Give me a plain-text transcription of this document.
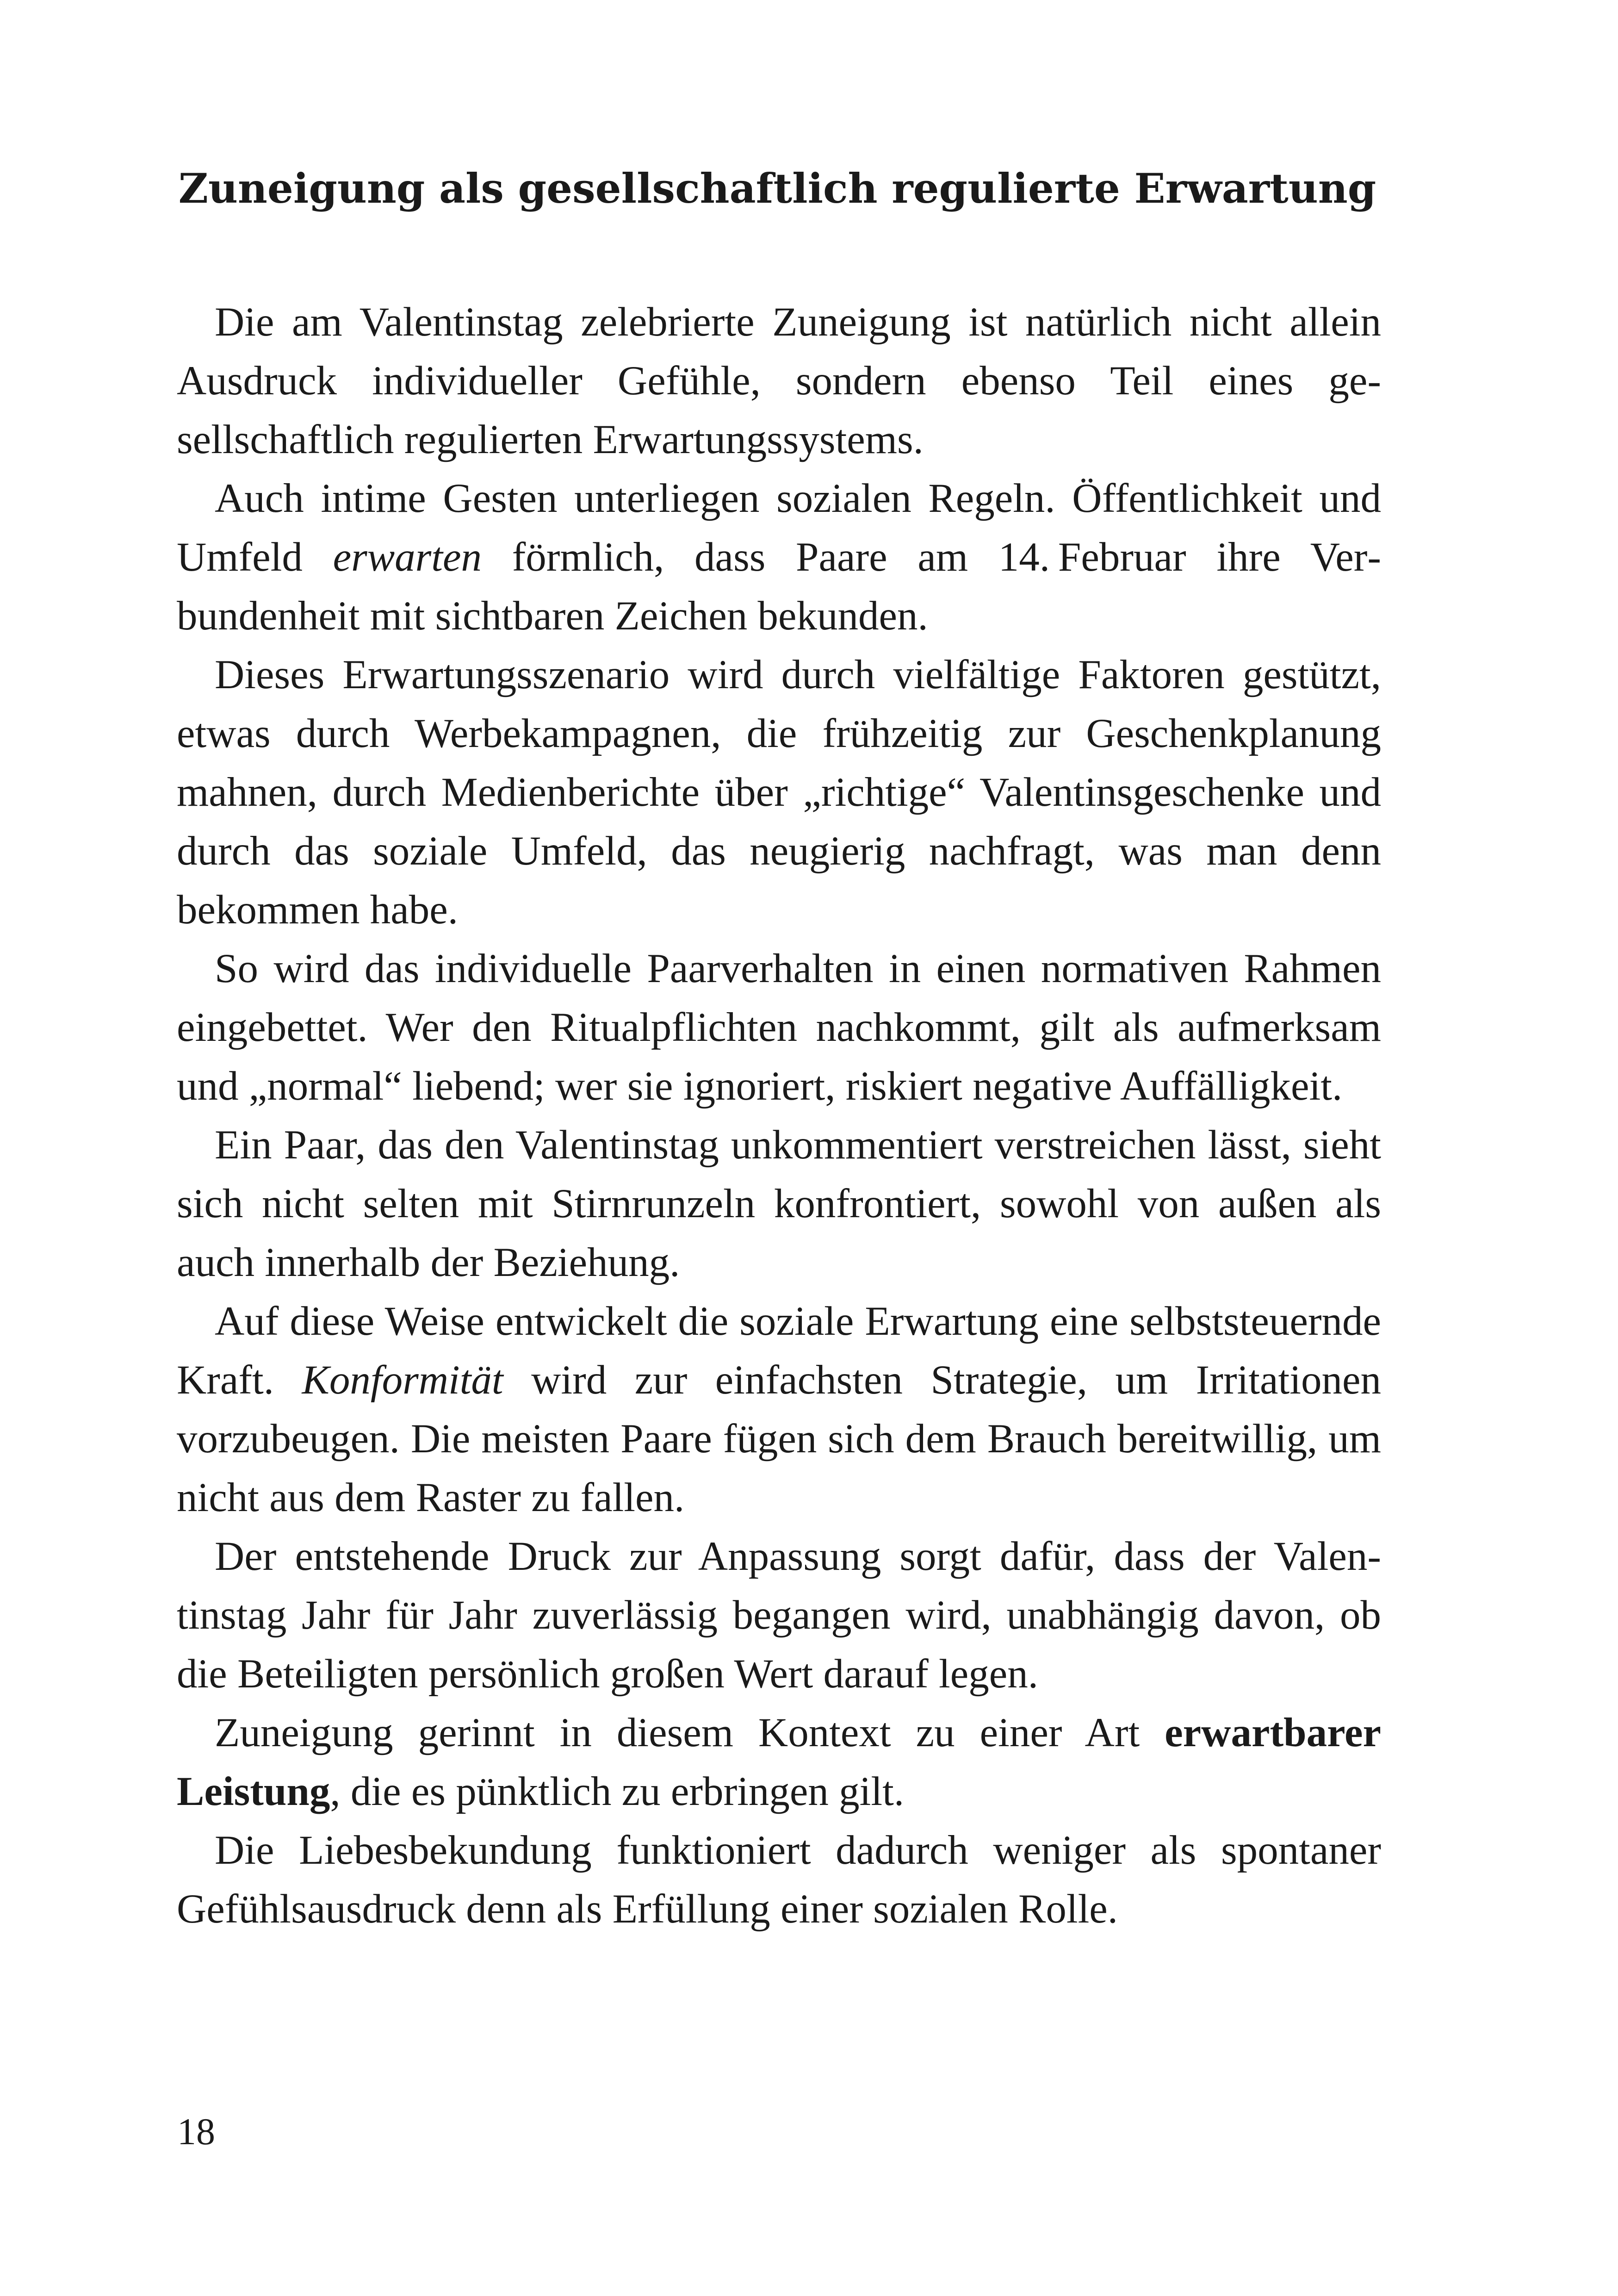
Zuneigung als gesellschaftlich regulierte Erwartung

Die am Valentinstag zelebrierte Zuneigung ist natürlich nicht allein Ausdruck individueller Gefühle, sondern ebenso Teil eines gesellschaftlich regulierten Erwartungssystems.

Auch intime Gesten unterliegen sozialen Regeln. Öffentlichkeit und Umfeld erwarten förmlich, dass Paare am 14. Februar ihre Verbundenheit mit sichtbaren Zeichen bekunden.

Dieses Erwartungsszenario wird durch vielfältige Faktoren gestützt, etwas durch Werbekampagnen, die frühzeitig zur Geschenkplanung mahnen, durch Medienberichte über „richtige“ Valentinsgeschenke und durch das soziale Umfeld, das neugierig nachfragt, was man denn bekommen habe.

So wird das individuelle Paarverhalten in einen normativen Rahmen eingebettet. Wer den Ritualpflichten nachkommt, gilt als aufmerksam und „normal“ liebend; wer sie ignoriert, riskiert negative Auffälligkeit.

Ein Paar, das den Valentinstag unkommentiert verstreichen lässt, sieht sich nicht selten mit Stirnrunzeln konfrontiert, sowohl von außen als auch innerhalb der Beziehung.

Auf diese Weise entwickelt die soziale Erwartung eine selbststeuernde Kraft. Konformität wird zur einfachsten Strategie, um Irritationen vorzubeugen. Die meisten Paare fügen sich dem Brauch bereitwillig, um nicht aus dem Raster zu fallen.

Der entstehende Druck zur Anpassung sorgt dafür, dass der Valentinstag Jahr für Jahr zuverlässig begangen wird, unabhängig davon, ob die Beteiligten persönlich großen Wert darauf legen.

Zuneigung gerinnt in diesem Kontext zu einer Art erwartbarer Leistung, die es pünktlich zu erbringen gilt.

Die Liebesbekundung funktioniert dadurch weniger als spontaner Gefühlsausdruck denn als Erfüllung einer sozialen Rolle.

18
